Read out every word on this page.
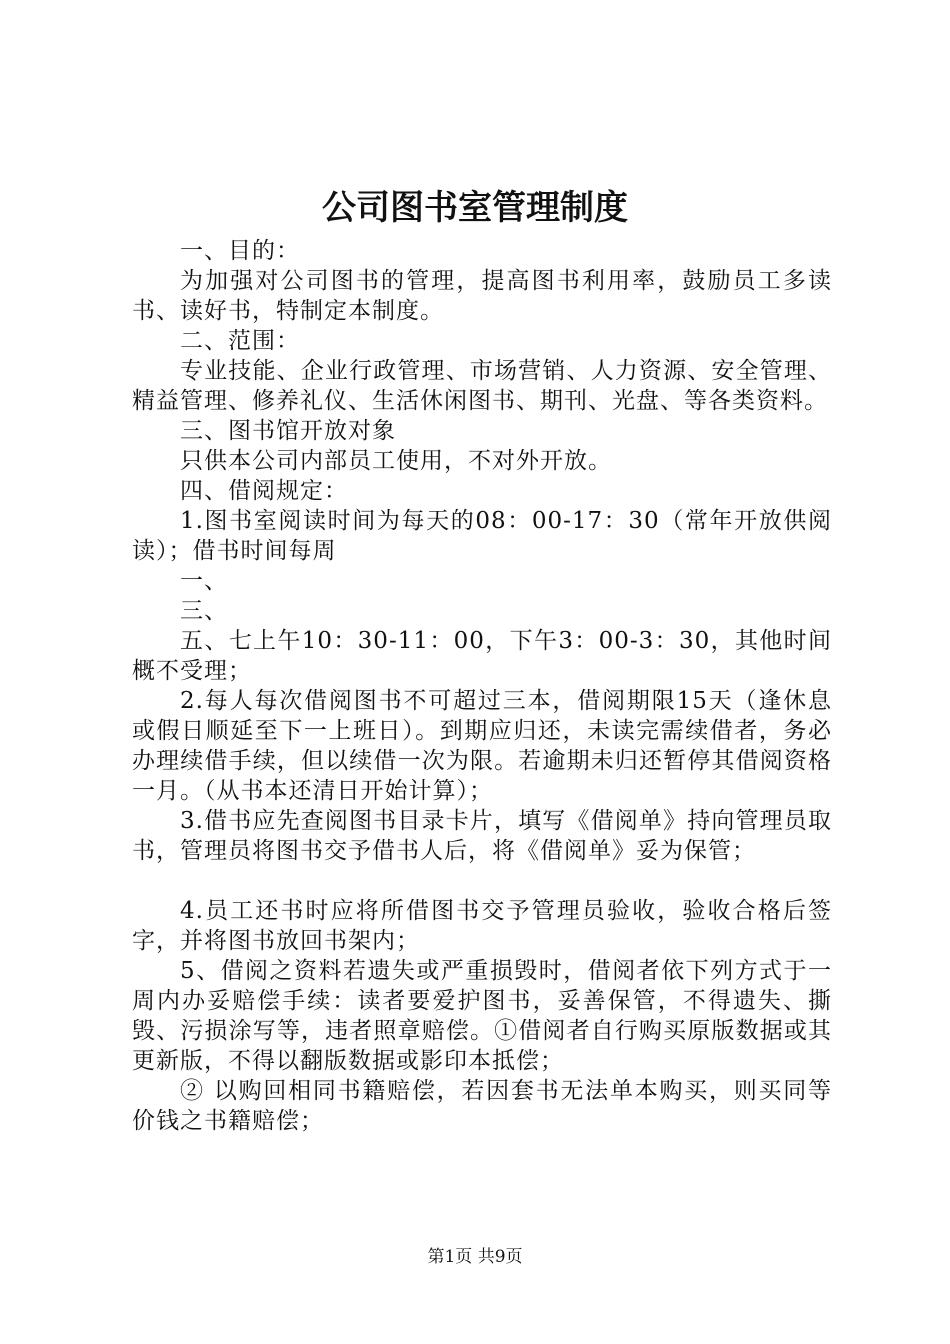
公司图书室管理制度

一、目的：

为加强对公司图书的管理，提高图书利用率，鼓励员工多读书、读好书，特制定本制度。

二、范围：

专业技能、企业行政管理、市场营销、人力资源、安全管理、精益管理、修养礼仪、生活休闲图书、期刊、光盘、等各类资料。

三、图书馆开放对象

只供本公司内部员工使用，不对外开放。

四、借阅规定：

1.图书室阅读时间为每天的08：00-17：30（常年开放供阅读）；借书时间每周

一、

三、

五、七上午10：30-11：00，下午3：00-3：30，其他时间概不受理；

2.每人每次借阅图书不可超过三本，借阅期限15天（逢休息或假日顺延至下一上班日）。到期应归还，未读完需续借者，务必办理续借手续，但以续借一次为限。若逾期未归还暂停其借阅资格一月。（从书本还清日开始计算）；

3.借书应先查阅图书目录卡片，填写《借阅单》持向管理员取书，管理员将图书交予借书人后，将《借阅单》妥为保管；

4.员工还书时应将所借图书交予管理员验收，验收合格后签字，并将图书放回书架内；

5、借阅之资料若遗失或严重损毁时，借阅者依下列方式于一周内办妥赔偿手续：读者要爱护图书，妥善保管，不得遗失、撕毁、污损涂写等，违者照章赔偿。①借阅者自行购买原版数据或其更新版，不得以翻版数据或影印本抵偿；

② 以购回相同书籍赔偿，若因套书无法单本购买，则买同等价钱之书籍赔偿；

第1页 共9页
